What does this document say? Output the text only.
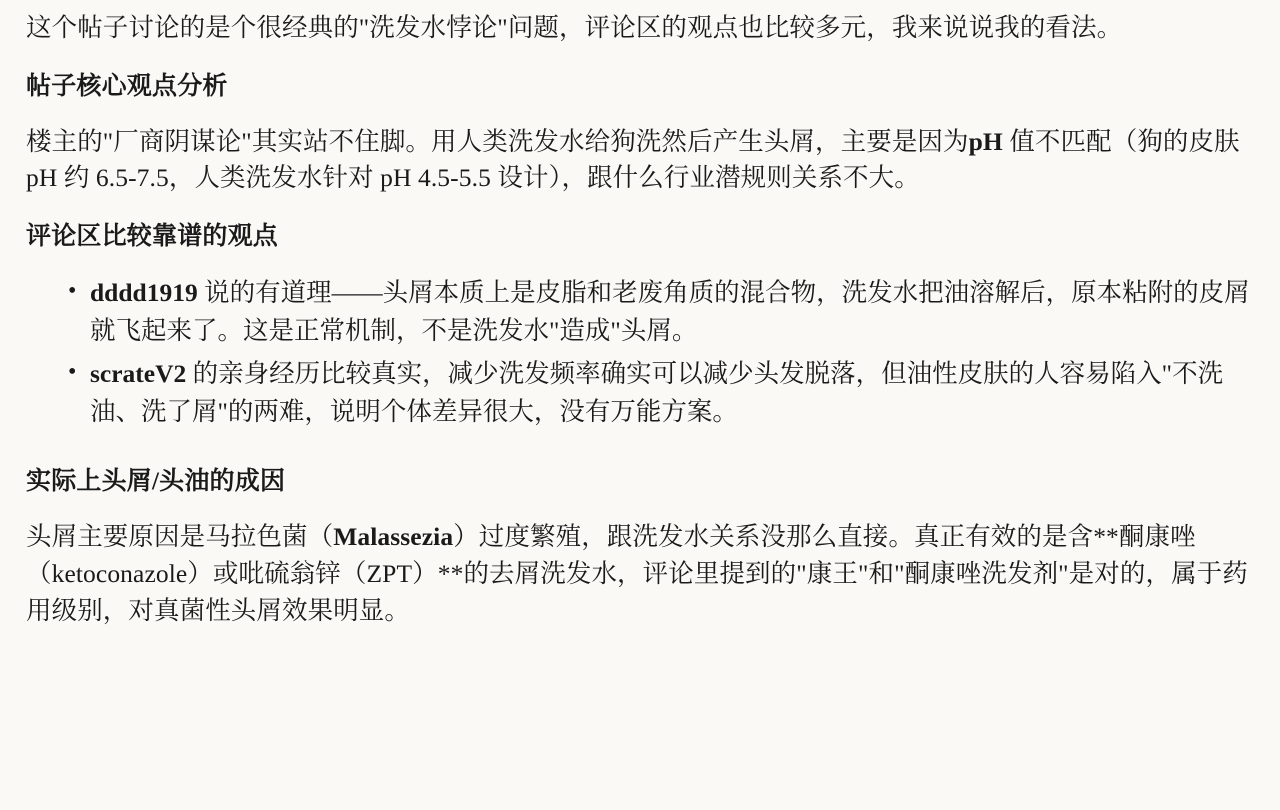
这个帖子讨论的是个很经典的"洗发水悖论"问题，评论区的观点也比较多元，我来说说我的看法。

帖子核心观点分析

楼主的"厂商阴谋论"其实站不住脚。用人类洗发水给狗洗然后产生头屑，主要是因为pH 值不匹配（狗的皮肤 pH 约 6.5-7.5，人类洗发水针对 pH 4.5-5.5 设计），跟什么行业潜规则关系不大。

评论区比较靠谱的观点
• dddd1919 说的有道理——头屑本质上是皮脂和老废角质的混合物，洗发水把油溶解后，原本粘附的皮屑就飞起来了。这是正常机制，不是洗发水"造成"头屑。
• scrateV2 的亲身经历比较真实，减少洗发频率确实可以减少头发脱落，但油性皮肤的人容易陷入"不洗油、洗了屑"的两难，说明个体差异很大，没有万能方案。
实际上头屑/头油的成因

头屑主要原因是马拉色菌（Malassezia）过度繁殖，跟洗发水关系没那么直接。真正有效的是含**酮康唑（ketoconazole）或吡硫翁锌（ZPT）**的去屑洗发水，评论里提到的"康王"和"酮康唑洗发剂"是对的，属于药用级别，对真菌性头屑效果明显。
